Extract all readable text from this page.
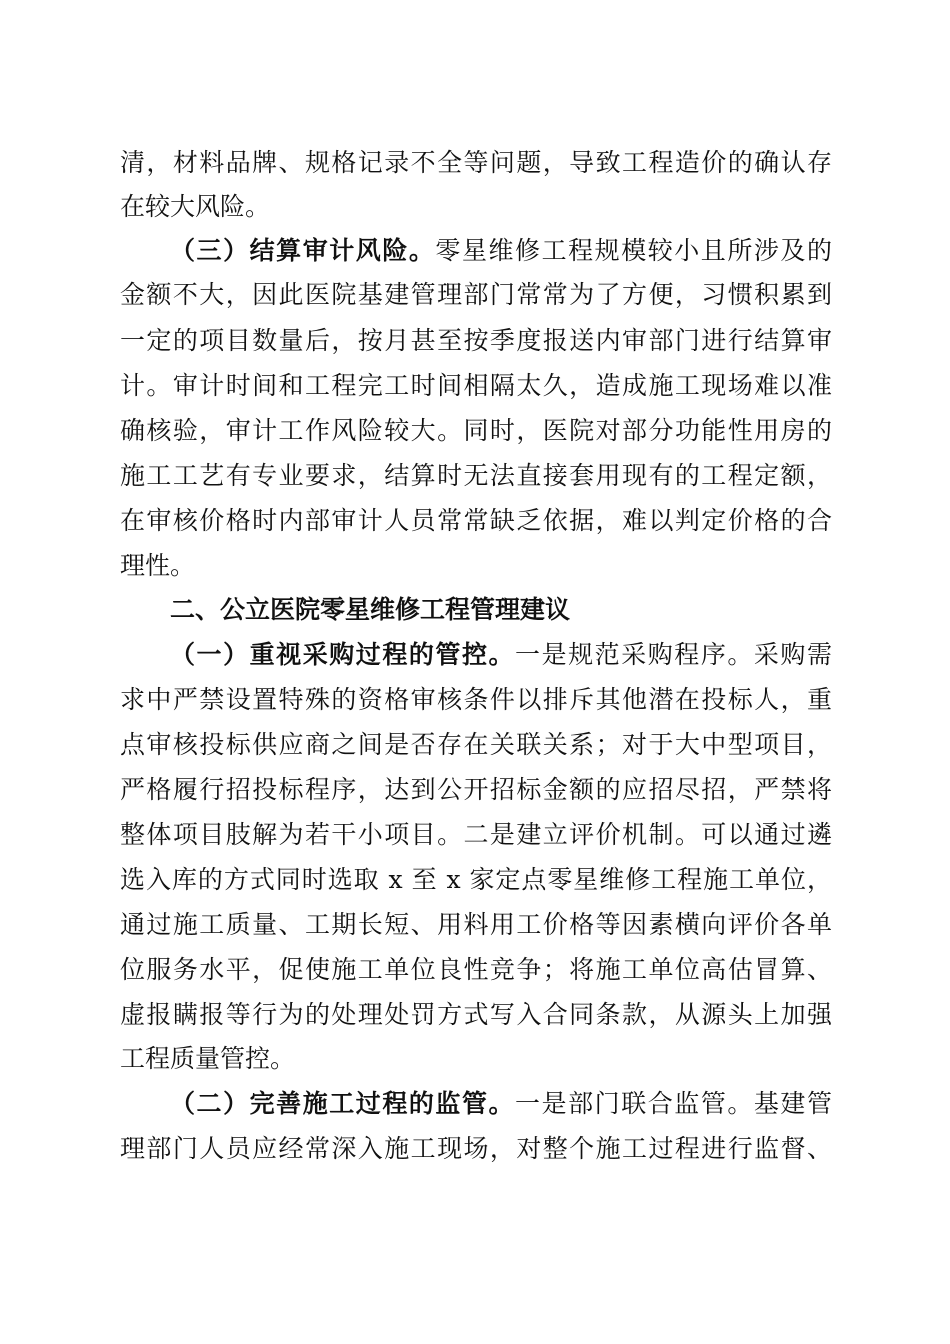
清，材料品牌、规格记录不全等问题，导致工程造价的确认存
在较大风险。
（三）结算审计风险。零星维修工程规模较小且所涉及的
金额不大，因此医院基建管理部门常常为了方便，习惯积累到
一定的项目数量后，按月甚至按季度报送内审部门进行结算审
计。审计时间和工程完工时间相隔太久，造成施工现场难以准
确核验，审计工作风险较大。同时，医院对部分功能性用房的
施工工艺有专业要求，结算时无法直接套用现有的工程定额，
在审核价格时内部审计人员常常缺乏依据，难以判定价格的合
理性。
二、公立医院零星维修工程管理建议
（一）重视采购过程的管控。一是规范采购程序。采购需
求中严禁设置特殊的资格审核条件以排斥其他潜在投标人，重
点审核投标供应商之间是否存在关联关系；对于大中型项目，
严格履行招投标程序，达到公开招标金额的应招尽招，严禁将
整体项目肢解为若干小项目。二是建立评价机制。可以通过遴
选入库的方式同时选取 x 至 x 家定点零星维修工程施工单位，
通过施工质量、工期长短、用料用工价格等因素横向评价各单
位服务水平，促使施工单位良性竞争；将施工单位高估冒算、
虚报瞒报等行为的处理处罚方式写入合同条款，从源头上加强
工程质量管控。
（二）完善施工过程的监管。一是部门联合监管。基建管
理部门人员应经常深入施工现场，对整个施工过程进行监督、
